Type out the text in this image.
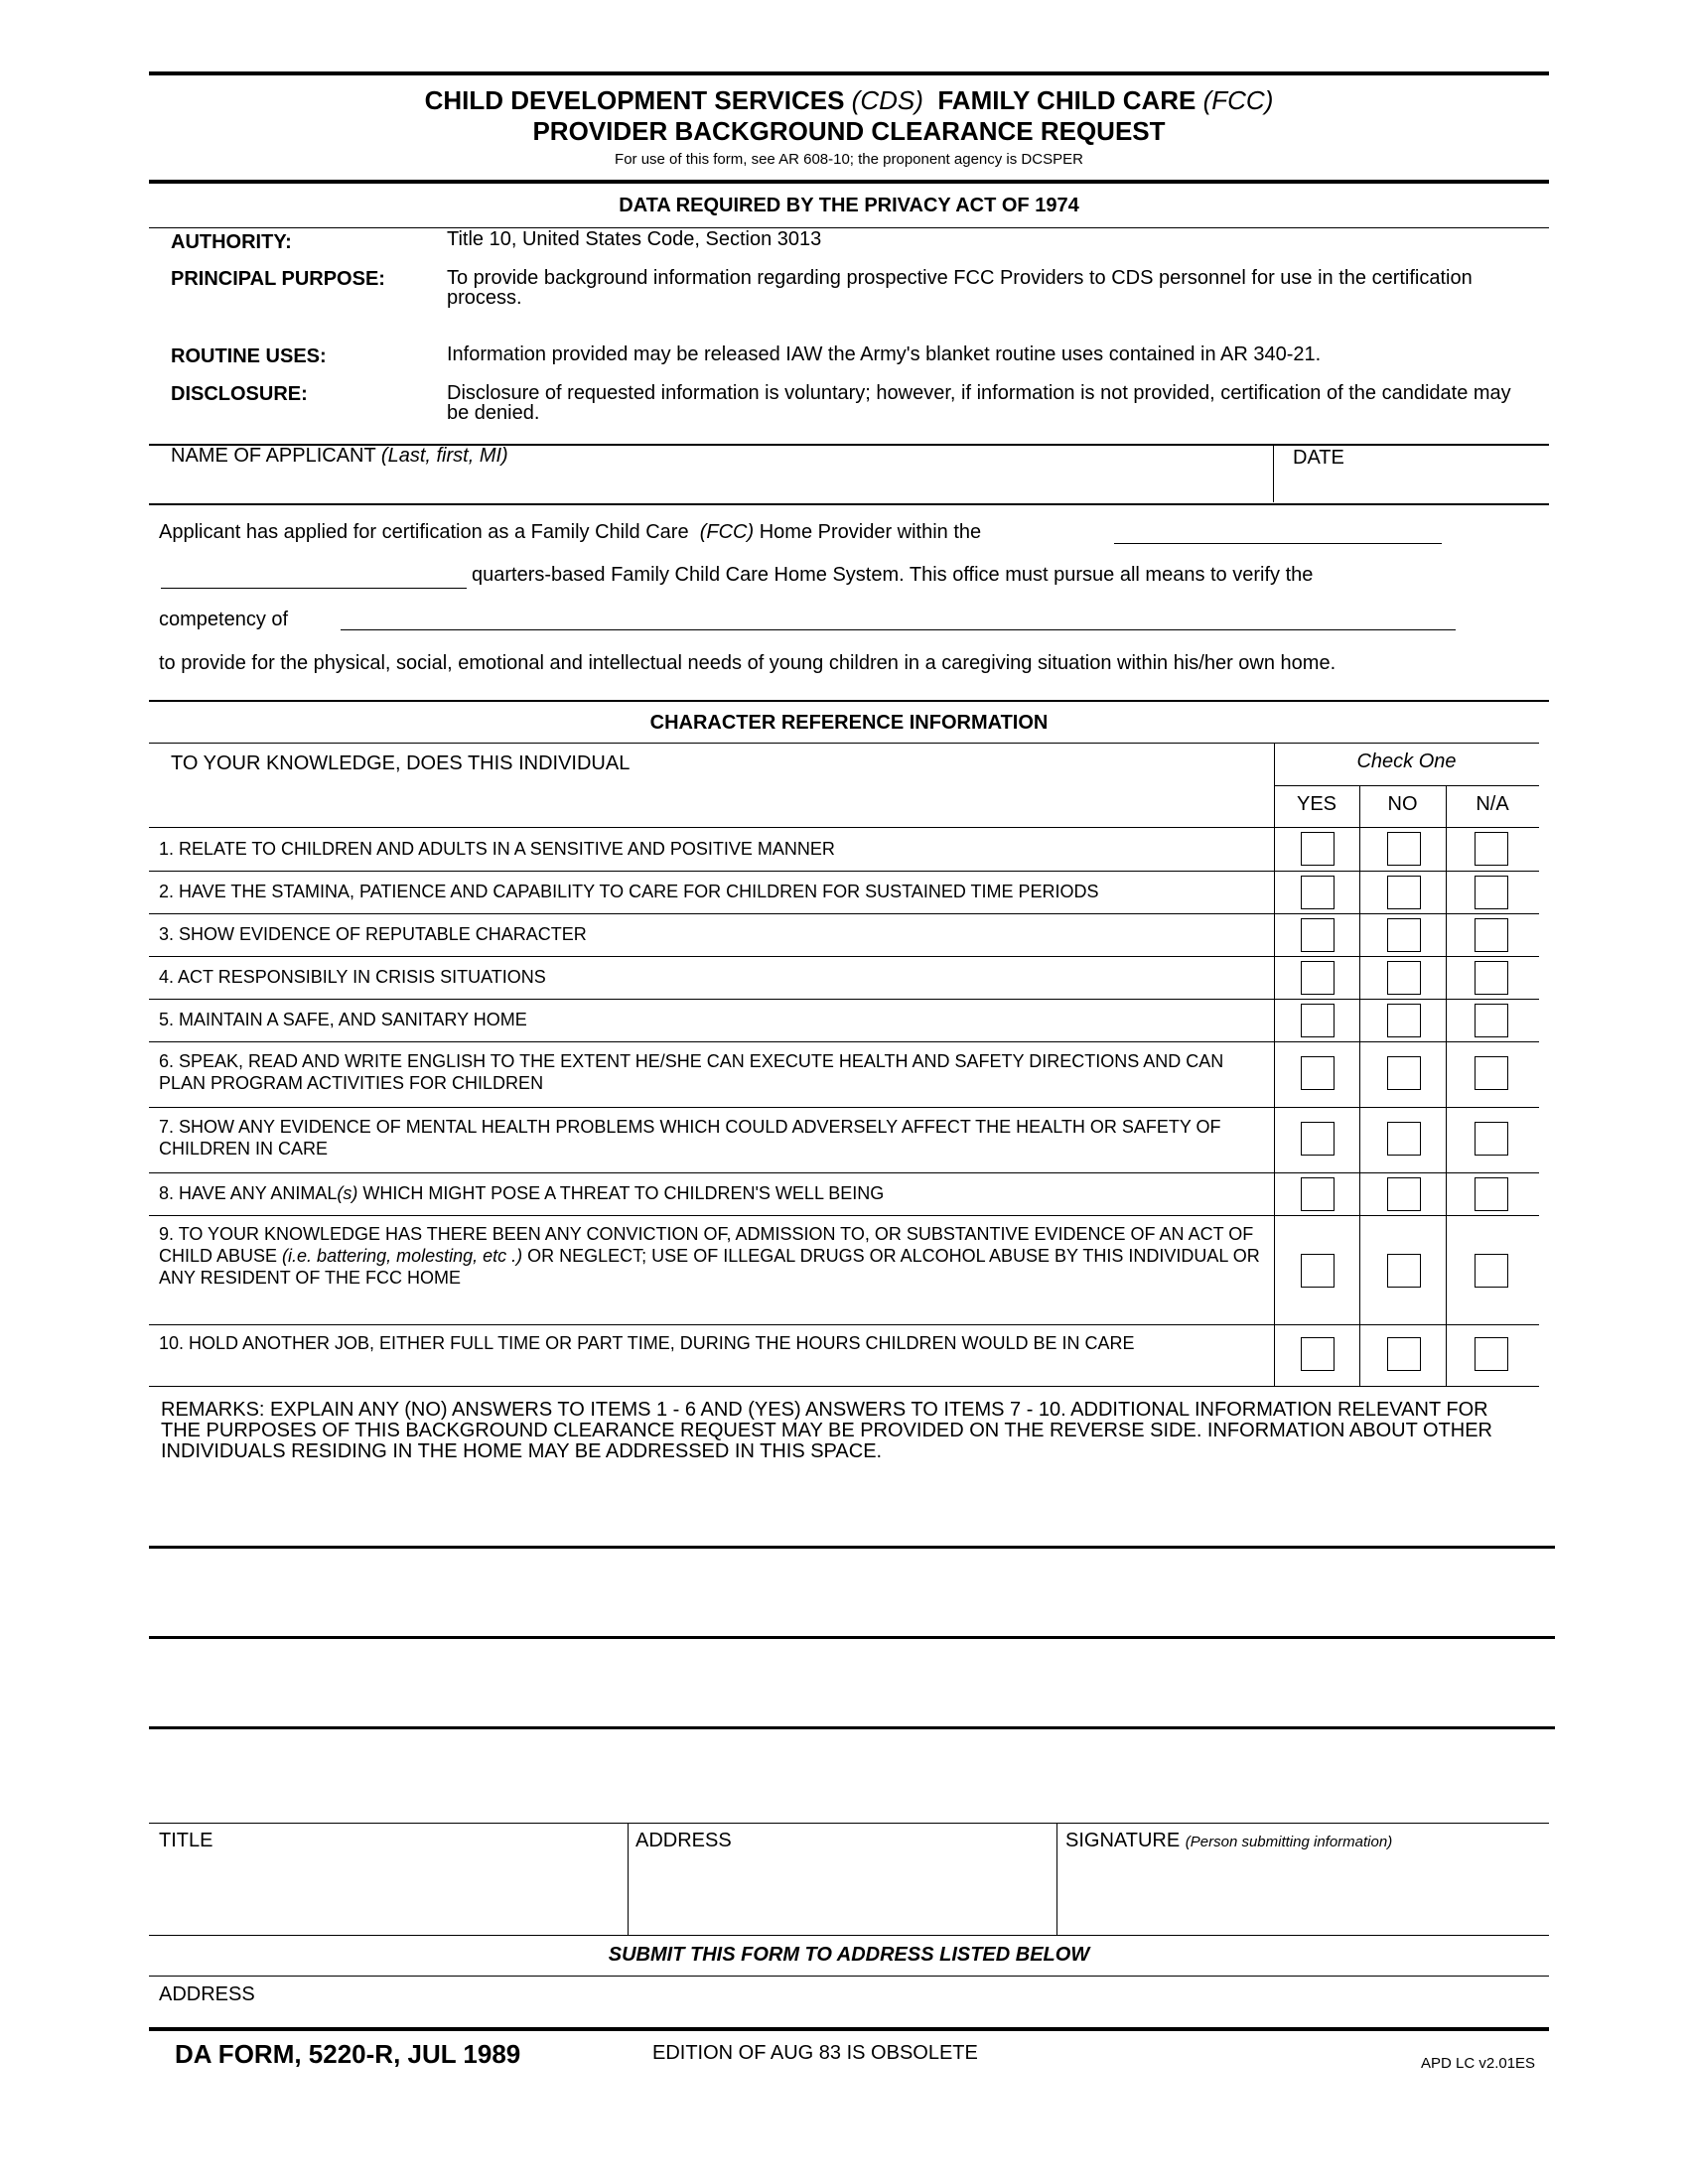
CHILD DEVELOPMENT SERVICES (CDS) FAMILY CHILD CARE (FCC)
PROVIDER BACKGROUND CLEARANCE REQUEST
For use of this form, see AR 608-10; the proponent agency is DCSPER
DATA REQUIRED BY THE PRIVACY ACT OF 1974
AUTHORITY:	Title 10, United States Code, Section 3013
PRINCIPAL PURPOSE:	To provide background information regarding prospective FCC Providers to CDS personnel for use in the certification process.
ROUTINE USES:	Information provided may be released IAW the Army's blanket routine uses contained in AR 340-21.
DISCLOSURE:	Disclosure of requested information is voluntary; however, if information is not provided, certification of the candidate may be denied.
NAME OF APPLICANT (Last, first, MI)	DATE
Applicant has applied for certification as a Family Child Care (FCC) Home Provider within the
quarters-based Family Child Care Home System. This office must pursue all means to verify the
competency of
to provide for the physical, social, emotional and intellectual needs of young children in a caregiving situation within his/her own home.
CHARACTER REFERENCE INFORMATION
TO YOUR KNOWLEDGE, DOES THIS INDIVIDUAL	Check One
YES	NO	N/A
1. RELATE TO CHILDREN AND ADULTS IN A SENSITIVE AND POSITIVE MANNER
2. HAVE THE STAMINA, PATIENCE AND CAPABILITY TO CARE FOR CHILDREN FOR SUSTAINED TIME PERIODS
3. SHOW EVIDENCE OF REPUTABLE CHARACTER
4. ACT RESPONSIBILY IN CRISIS SITUATIONS
5. MAINTAIN A SAFE, AND SANITARY HOME
6. SPEAK, READ AND WRITE ENGLISH TO THE EXTENT HE/SHE CAN EXECUTE HEALTH AND SAFETY DIRECTIONS AND CAN PLAN PROGRAM ACTIVITIES FOR CHILDREN
7. SHOW ANY EVIDENCE OF MENTAL HEALTH PROBLEMS WHICH COULD ADVERSELY AFFECT THE HEALTH OR SAFETY OF CHILDREN IN CARE
8. HAVE ANY ANIMAL(s) WHICH MIGHT POSE A THREAT TO CHILDREN'S WELL BEING
9. TO YOUR KNOWLEDGE HAS THERE BEEN ANY CONVICTION OF, ADMISSION TO, OR SUBSTANTIVE EVIDENCE OF AN ACT OF CHILD ABUSE (i.e. battering, molesting, etc .) OR NEGLECT; USE OF ILLEGAL DRUGS OR ALCOHOL ABUSE BY THIS INDIVIDUAL OR ANY RESIDENT OF THE FCC HOME
10. HOLD ANOTHER JOB, EITHER FULL TIME OR PART TIME, DURING THE HOURS CHILDREN WOULD BE IN CARE
REMARKS: EXPLAIN ANY (NO) ANSWERS TO ITEMS 1 - 6 AND (YES) ANSWERS TO ITEMS 7 - 10. ADDITIONAL INFORMATION RELEVANT FOR THE PURPOSES OF THIS BACKGROUND CLEARANCE REQUEST MAY BE PROVIDED ON THE REVERSE SIDE. INFORMATION ABOUT OTHER INDIVIDUALS RESIDING IN THE HOME MAY BE ADDRESSED IN THIS SPACE.
TITLE	ADDRESS	SIGNATURE (Person submitting information)
SUBMIT THIS FORM TO ADDRESS LISTED BELOW
ADDRESS
DA FORM, 5220-R, JUL 1989	EDITION OF AUG 83 IS OBSOLETE	APD LC v2.01ES
